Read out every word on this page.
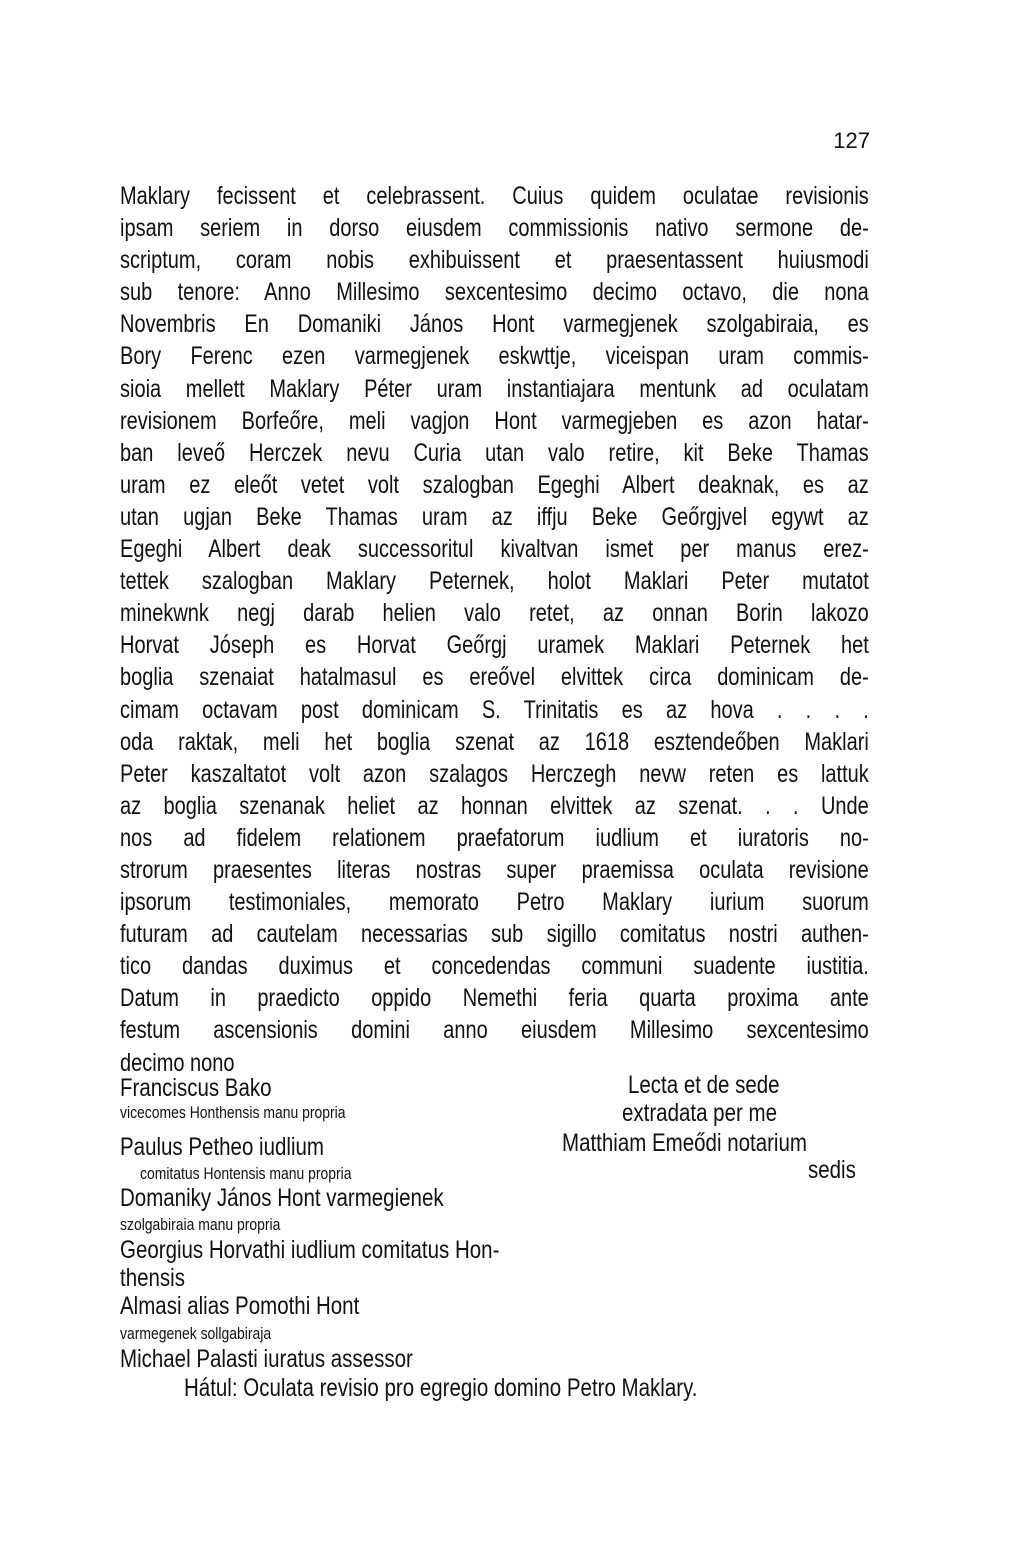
127
Maklary fecissent et celebrassent. Cuius quidem oculatae revisionis
ipsam seriem in dorso eiusdem commissionis nativo sermone de-
scriptum, coram nobis exhibuissent et praesentassent huiusmodi
sub tenore: Anno Millesimo sexcentesimo decimo octavo, die nona
Novembris En Domaniki János Hont varmegjenek szolgabiraia, es
Bory Ferenc ezen varmegjenek eskwttje, viceispan uram commis-
sioia mellett Maklary Péter uram instantiajara mentunk ad oculatam
revisionem Borfeőre, meli vagjon Hont varmegjeben es azon hatar-
ban leveő Herczek nevu Curia utan valo retire, kit Beke Thamas
uram ez eleőt vetet volt szalogban Egeghi Albert deaknak, es az
utan ugjan Beke Thamas uram az iffju Beke Geőrgjvel egywt az
Egeghi Albert deak successoritul kivaltvan ismet per manus erez-
tettek szalogban Maklary Peternek, holot Maklari Peter mutatot
minekwnk negj darab helien valo retet, az onnan Borin lakozo
Horvat Jóseph es Horvat Geőrgj uramek Maklari Peternek het
boglia szenaiat hatalmasul es ereővel elvittek circa dominicam de-
cimam octavam post dominicam S. Trinitatis es az hova . . . .
oda raktak, meli het boglia szenat az 1618 esztendeőben Maklari
Peter kaszaltatot volt azon szalagos Herczegh nevw reten es lattuk
az boglia szenanak heliet az honnan elvittek az szenat. . . Unde
nos ad fidelem relationem praefatorum iudlium et iuratoris no-
strorum praesentes literas nostras super praemissa oculata revisione
ipsorum testimoniales, memorato Petro Maklary iurium suorum
futuram ad cautelam necessarias sub sigillo comitatus nostri authen-
tico dandas duximus et concedendas communi suadente iustitia.
Datum in praedicto oppido Nemethi feria quarta proxima ante
festum ascensionis domini anno eiusdem Millesimo sexcentesimo
decimo nono
Franciscus Bako
vicecomes Honthensis manu propria
Lecta et de sede
extradata per me
Paulus Petheo iudlium	Matthiam Emeődi notarium
comitatus Hontensis manu propria	sedis
Domaniky János Hont varmegienek
szolgabiraia manu propria
Georgius Horvathi iudlium comitatus Hon-
thensis
Almasi alias Pomothi Hont
varmegenek sollgabiraja
Michael Palasti iuratus assessor
Hátul: Oculata revisio pro egregio domino Petro Maklary.
